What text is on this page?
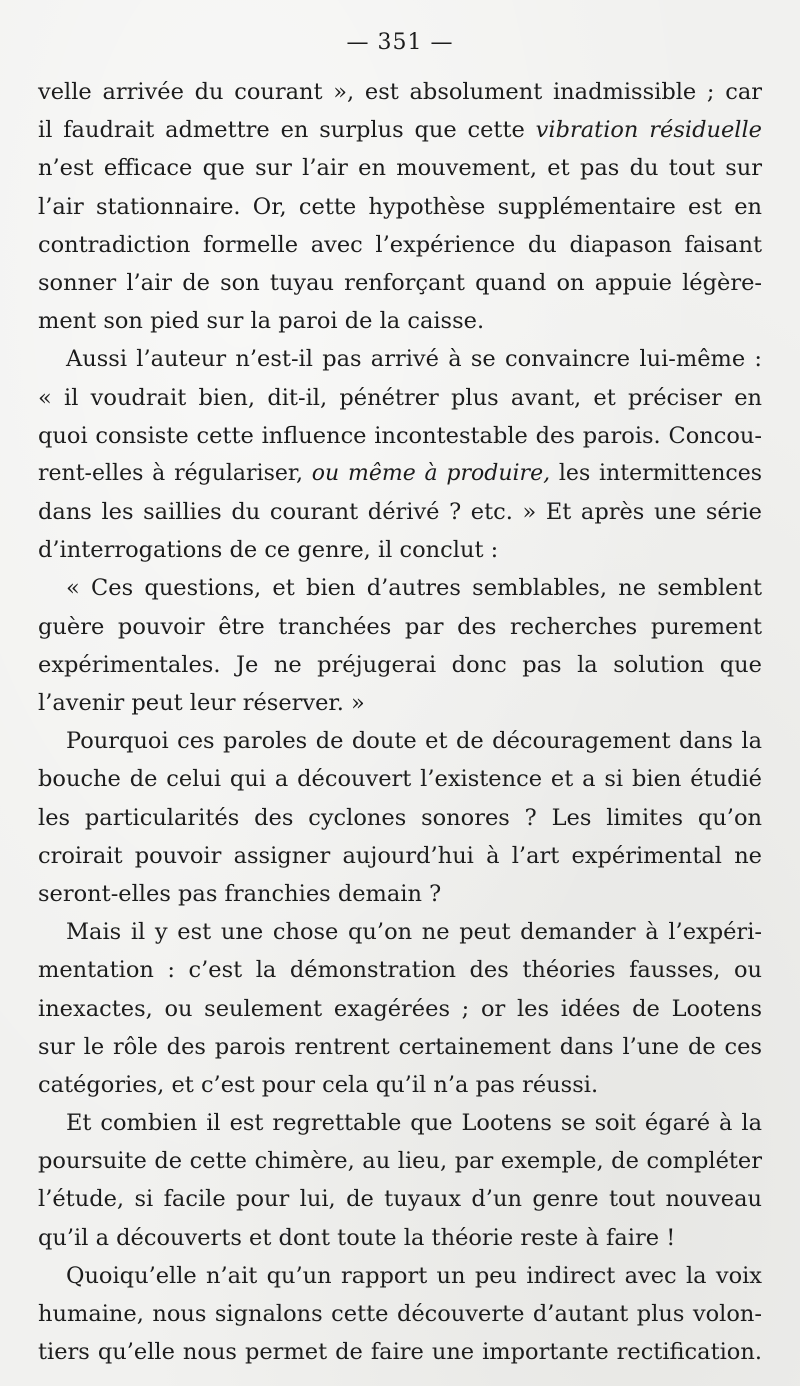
— 351 —
velle arrivée du courant », est absolument inadmissible ; car
il faudrait admettre en surplus que cette vibration résiduelle
n’est efficace que sur l’air en mouvement, et pas du tout sur
l’air stationnaire. Or, cette hypothèse supplémentaire est en
contradiction formelle avec l’expérience du diapason faisant
sonner l’air de son tuyau renforçant quand on appuie légère-
ment son pied sur la paroi de la caisse.
Aussi l’auteur n’est-il pas arrivé à se convaincre lui-même :
« il voudrait bien, dit-il, pénétrer plus avant, et préciser en
quoi consiste cette influence incontestable des parois. Concou-
rent-elles à régulariser, ou même à produire, les intermittences
dans les saillies du courant dérivé ? etc. » Et après une série
d’interrogations de ce genre, il conclut :
« Ces questions, et bien d’autres semblables, ne semblent
guère pouvoir être tranchées par des recherches purement
expérimentales. Je ne préjugerai donc pas la solution que
l’avenir peut leur réserver. »
Pourquoi ces paroles de doute et de découragement dans la
bouche de celui qui a découvert l’existence et a si bien étudié
les particularités des cyclones sonores ? Les limites qu’on
croirait pouvoir assigner aujourd’hui à l’art expérimental ne
seront-elles pas franchies demain ?
Mais il y est une chose qu’on ne peut demander à l’expéri-
mentation : c’est la démonstration des théories fausses, ou
inexactes, ou seulement exagérées ; or les idées de Lootens
sur le rôle des parois rentrent certainement dans l’une de ces
catégories, et c’est pour cela qu’il n’a pas réussi.
Et combien il est regrettable que Lootens se soit égaré à la
poursuite de cette chimère, au lieu, par exemple, de compléter
l’étude, si facile pour lui, de tuyaux d’un genre tout nouveau
qu’il a découverts et dont toute la théorie reste à faire !
Quoiqu’elle n’ait qu’un rapport un peu indirect avec la voix
humaine, nous signalons cette découverte d’autant plus volon-
tiers qu’elle nous permet de faire une importante rectification.
